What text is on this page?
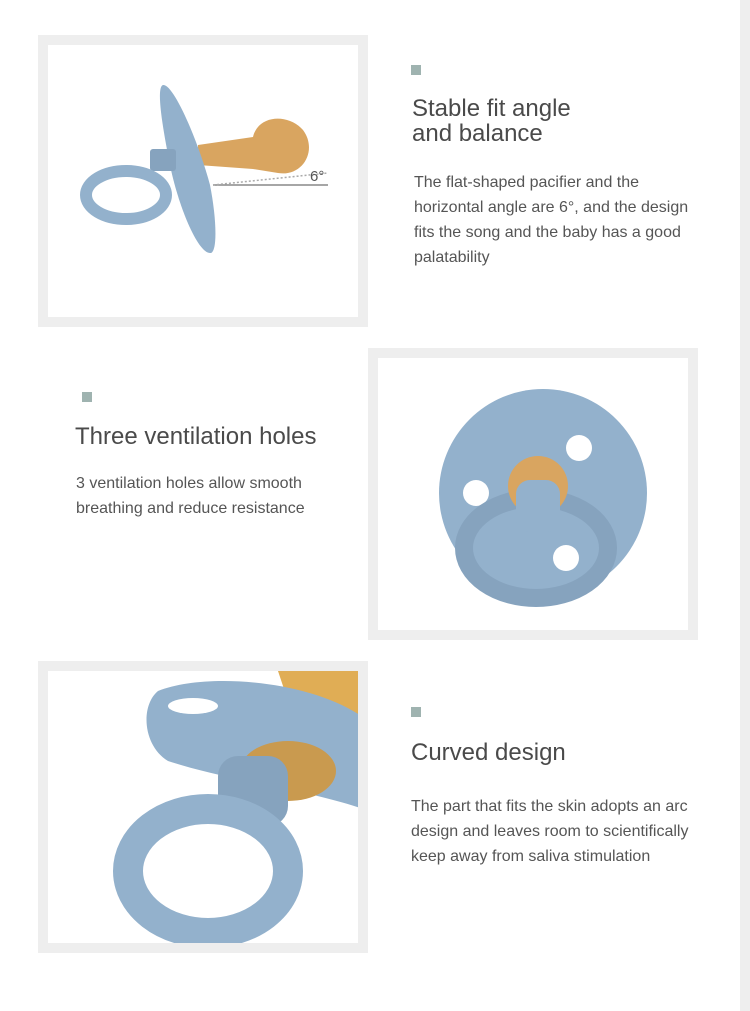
6°
Stable fit angle
and balance

The flat-shaped pacifier and the horizontal angle are 6°, and the design fits the song and the baby has a good palatability

Three ventilation holes

3 ventilation holes allow smooth breathing and reduce resistance

Curved design

The part that fits the skin adopts an arc design and leaves room to scientifically keep away from saliva stimulation
